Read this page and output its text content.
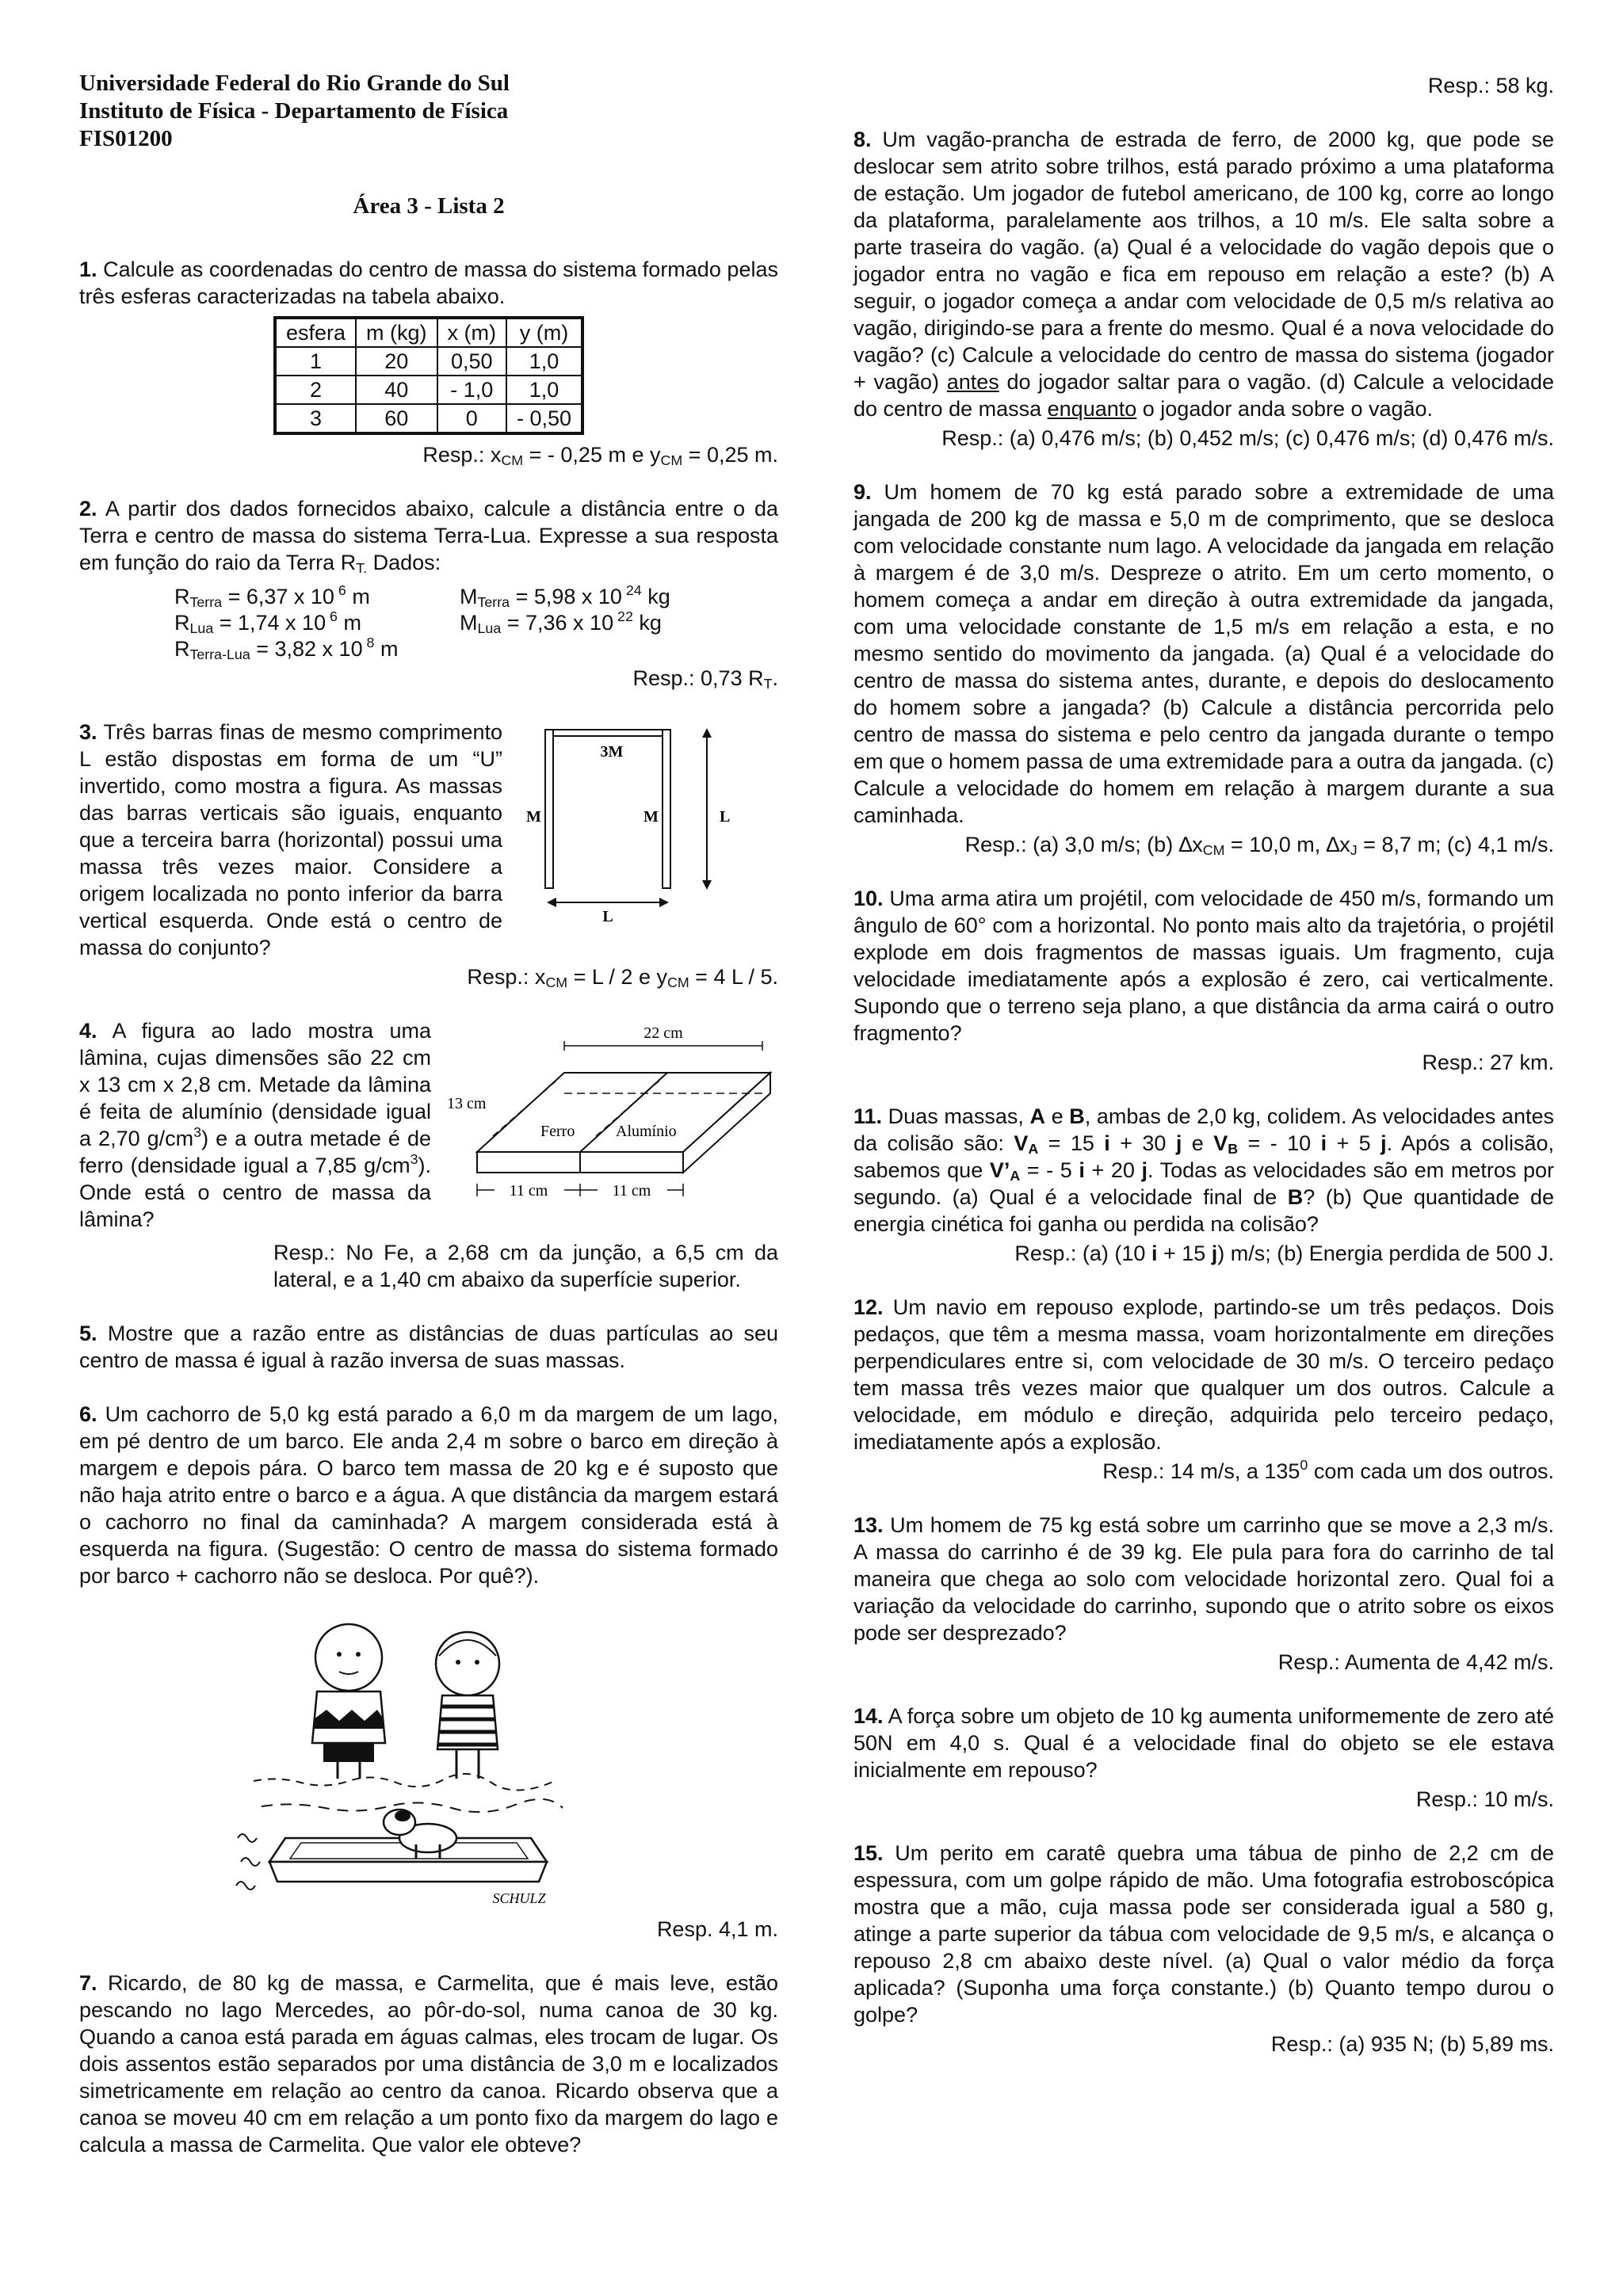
Universidade Federal do Rio Grande do Sul
Instituto de Física - Departamento de Física
FIS01200
Área 3 - Lista 2
1. Calcule as coordenadas do centro de massa do sistema formado pelas três esferas caracterizadas na tabela abaixo.
esfera	m (kg)	x (m)	y (m)
1	20	0,50	1,0
2	40	- 1,0	1,0
3	60	0	- 0,50
Resp.: $x_{CM}$ = - 0,25 m e $y_{CM} = 0,25$ m.
2. A partir dos dados fornecidos abaixo, calcule a distância entre o da Terra e centro de massa do sistema Terra-Lua. Expresse a sua resposta em função do raio da Terra $R_{T.}$ Dados:
$R_{Terra} = 6,37$ x 10 $^6$ m	$M_{Terra} = 5,98$ x 10 $^{24}$ kg
$R_{Lua} = 1,74$ x 10 $^6$ m	$M_{Lua} = 7,36$ x 10 $^{22}$ kg
$R_{Terra-Lua} = 3,82$ x 10 $^8$ m
Resp.: 0,73 $R_T$.
3M
M	M	L
L
3. Três barras finas de mesmo comprimento L estão dispostas em forma de um “U” invertido, como mostra a figura. As massas das barras verticais são iguais, enquanto que a terceira barra (horizontal) possui uma massa três vezes maior. Considere a origem localizada no ponto inferior da barra vertical esquerda. Onde está o centro de massa do conjunto?
Resp.: $x_{CM} = L / 2$ e $y_{CM} = 4$ L / 5.
22 cm
13 cm
Ferro	Alumínio
11 cm	11 cm
4. A figura ao lado mostra uma lâmina, cujas dimensões são 22 cm x 13 cm x 2,8 cm. Metade da lâmina é feita de alumínio (densidade igual a 2,70 $g/cm^3$) e a outra metade é de ferro (densidade igual a 7,85 $g/cm^3$). Onde está o centro de massa da lâmina?
Resp.: No Fe, a 2,68 cm da junção, a 6,5 cm da lateral, e a 1,40 cm abaixo da superfície superior.
5. Mostre que a razão entre as distâncias de duas partículas ao seu centro de massa é igual à razão inversa de suas massas.
6. Um cachorro de 5,0 kg está parado a 6,0 m da margem de um lago, em pé dentro de um barco. Ele anda 2,4 m sobre o barco em direção à margem e depois pára. O barco tem massa de 20 kg e é suposto que não haja atrito entre o barco e a água. A que distância da margem estará o cachorro no final da caminhada? A margem considerada está à esquerda na figura. (Sugestão: O centro de massa do sistema formado por barco + cachorro não se desloca. Por quê?).
SCHULZ
Resp. 4,1 m.
7. Ricardo, de 80 kg de massa, e Carmelita, que é mais leve, estão pescando no lago Mercedes, ao pôr-do-sol, numa canoa de 30 kg. Quando a canoa está parada em águas calmas, eles trocam de lugar. Os dois assentos estão separados por uma distância de 3,0 m e localizados simetricamente em relação ao centro da canoa. Ricardo observa que a canoa se moveu 40 cm em relação a um ponto fixo da margem do lago e calcula a massa de Carmelita. Que valor ele obteve?
Resp.: 58 kg.
8. Um vagão-prancha de estrada de ferro, de 2000 kg, que pode se deslocar sem atrito sobre trilhos, está parado próximo a uma plataforma de estação. Um jogador de futebol americano, de 100 kg, corre ao longo da plataforma, paralelamente aos trilhos, a 10 m/s. Ele salta sobre a parte traseira do vagão. (a) Qual é a velocidade do vagão depois que o jogador entra no vagão e fica em repouso em relação a este? (b) A seguir, o jogador começa a andar com velocidade de 0,5 m/s relativa ao vagão, dirigindo-se para a frente do mesmo. Qual é a nova velocidade do vagão? (c) Calcule a velocidade do centro de massa do sistema (jogador + vagão) antes do jogador saltar para o vagão. (d) Calcule a velocidade do centro de massa enquanto o jogador anda sobre o vagão.
Resp.: (a) 0,476 m/s; (b) 0,452 m/s; (c) 0,476 m/s; (d) 0,476 m/s.
9. Um homem de 70 kg está parado sobre a extremidade de uma jangada de 200 kg de massa e 5,0 m de comprimento, que se desloca com velocidade constante num lago. A velocidade da jangada em relação à margem é de 3,0 m/s. Despreze o atrito. Em um certo momento, o homem começa a andar em direção à outra extremidade da jangada, com uma velocidade constante de 1,5 m/s em relação a esta, e no mesmo sentido do movimento da jangada. (a) Qual é a velocidade do centro de massa do sistema antes, durante, e depois do deslocamento do homem sobre a jangada? (b) Calcule a distância percorrida pelo centro de massa do sistema e pelo centro da jangada durante o tempo em que o homem passa de uma extremidade para a outra da jangada. (c) Calcule a velocidade do homem em relação à margem durante a sua caminhada.
Resp.: (a) 3,0 m/s; (b) $\Delta x_{CM} = 10,0$ m, $\Delta x_J = 8,7$ m; (c) 4,1 m/s.
10. Uma arma atira um projétil, com velocidade de 450 m/s, formando um ângulo de 60° com a horizontal. No ponto mais alto da trajetória, o projétil explode em dois fragmentos de massas iguais. Um fragmento, cuja velocidade imediatamente após a explosão é zero, cai verticalmente. Supondo que o terreno seja plano, a que distância da arma cairá o outro fragmento?
Resp.: 27 km.
11. Duas massas, A e B, ambas de 2,0 kg, colidem. As velocidades antes da colisão são: $V_A = 15$ i + 30 j e $V_B$ = - 10 i + 5 j. Após a colisão, sabemos que $V’_A$ = - 5 i + 20 j. Todas as velocidades são em metros por segundo. (a) Qual é a velocidade final de B? (b) Que quantidade de energia cinética foi ganha ou perdida na colisão?
Resp.: (a) (10 i + 15 j) m/s; (b) Energia perdida de 500 J.
12. Um navio em repouso explode, partindo-se um três pedaços. Dois pedaços, que têm a mesma massa, voam horizontalmente em direções perpendiculares entre si, com velocidade de 30 m/s. O terceiro pedaço tem massa três vezes maior que qualquer um dos outros. Calcule a velocidade, em módulo e direção, adquirida pelo terceiro pedaço, imediatamente após a explosão.
Resp.: 14 m/s, a $135^0$ com cada um dos outros.
13. Um homem de 75 kg está sobre um carrinho que se move a 2,3 m/s. A massa do carrinho é de 39 kg. Ele pula para fora do carrinho de tal maneira que chega ao solo com velocidade horizontal zero. Qual foi a variação da velocidade do carrinho, supondo que o atrito sobre os eixos pode ser desprezado?
Resp.: Aumenta de 4,42 m/s.
14. A força sobre um objeto de 10 kg aumenta uniformemente de zero até 50N em 4,0 s. Qual é a velocidade final do objeto se ele estava inicialmente em repouso?
Resp.: 10 m/s.
15. Um perito em caratê quebra uma tábua de pinho de 2,2 cm de espessura, com um golpe rápido de mão. Uma fotografia estroboscópica mostra que a mão, cuja massa pode ser considerada igual a 580 g, atinge a parte superior da tábua com velocidade de 9,5 m/s, e alcança o repouso 2,8 cm abaixo deste nível. (a) Qual o valor médio da força aplicada? (Suponha uma força constante.) (b) Quanto tempo durou o golpe?
Resp.: (a) 935 N; (b) 5,89 ms.
